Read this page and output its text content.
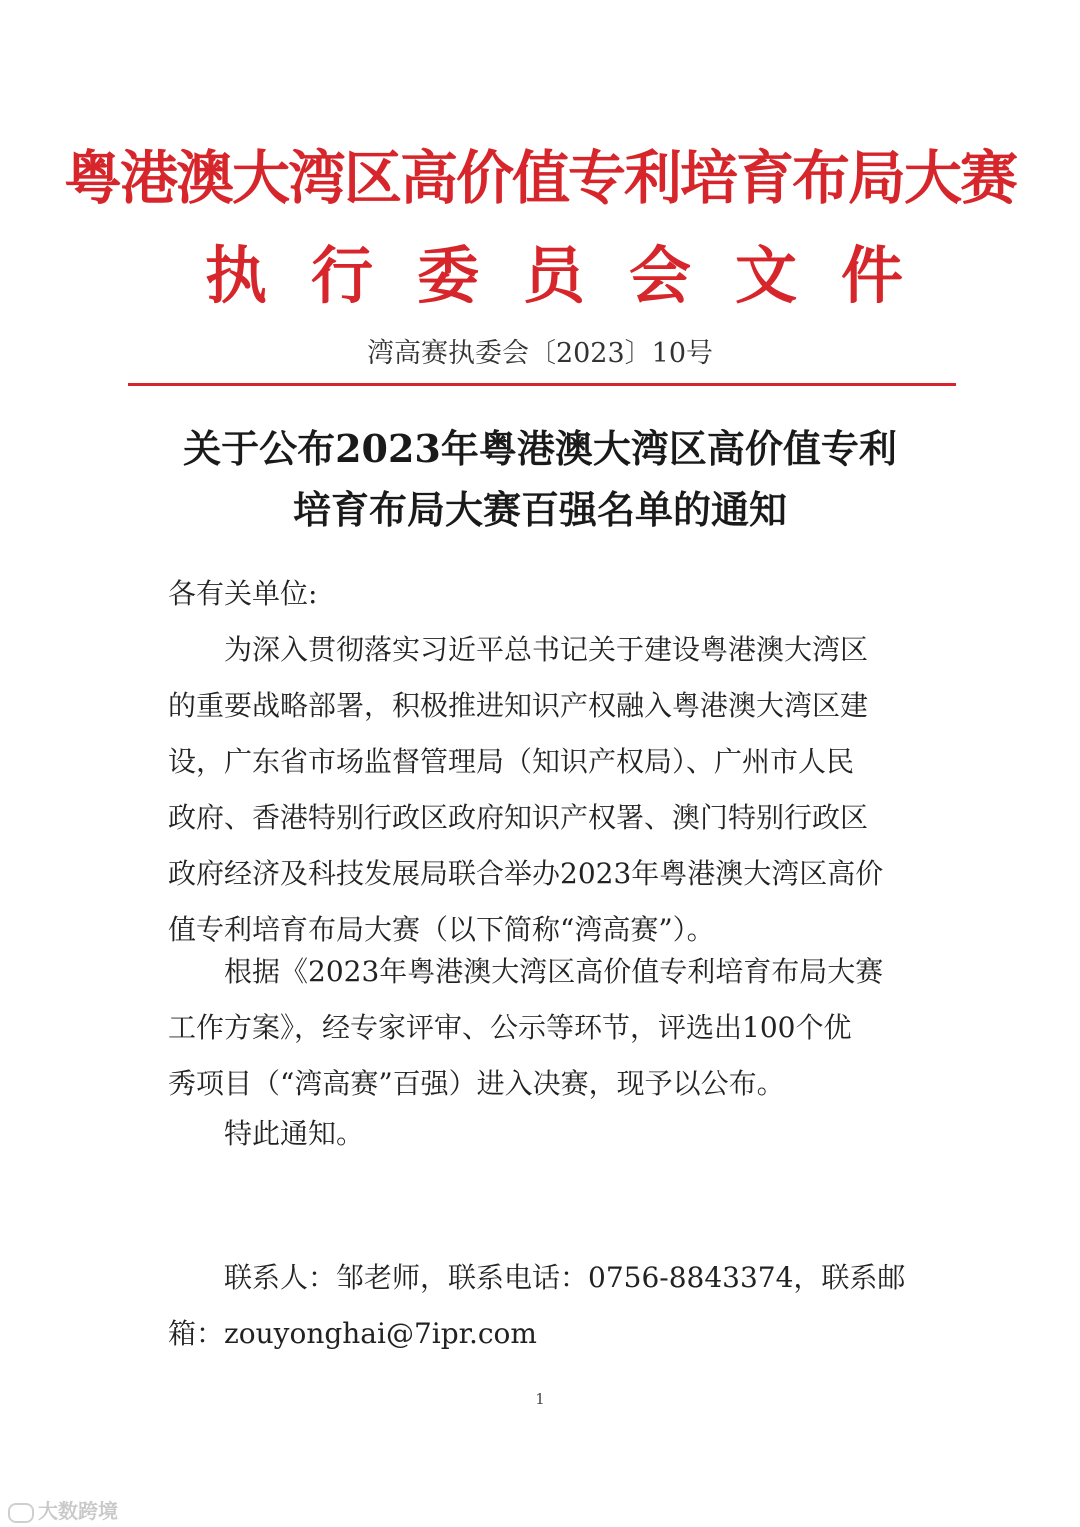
粤港澳大湾区高价值专利培育布局大赛
执行委员会文件
湾高赛执委会〔2023〕10号
关于公布2023年粤港澳大湾区高价值专利
培育布局大赛百强名单的通知
各有关单位:
为深入贯彻落实习近平总书记关于建设粤港澳大湾区
的重要战略部署，积极推进知识产权融入粤港澳大湾区建
设，广东省市场监督管理局（知识产权局）、广州市人民
政府、香港特别行政区政府知识产权署、澳门特别行政区
政府经济及科技发展局联合举办2023年粤港澳大湾区高价
值专利培育布局大赛（以下简称“湾高赛”）。
根据《2023年粤港澳大湾区高价值专利培育布局大赛
工作方案》，经专家评审、公示等环节，评选出100个优
秀项目（“湾高赛”百强）进入决赛，现予以公布。
特此通知。
联系人：邹老师，联系电话：0756-8843374，联系邮
箱：zouyonghai@7ipr.com
1
大数跨境
